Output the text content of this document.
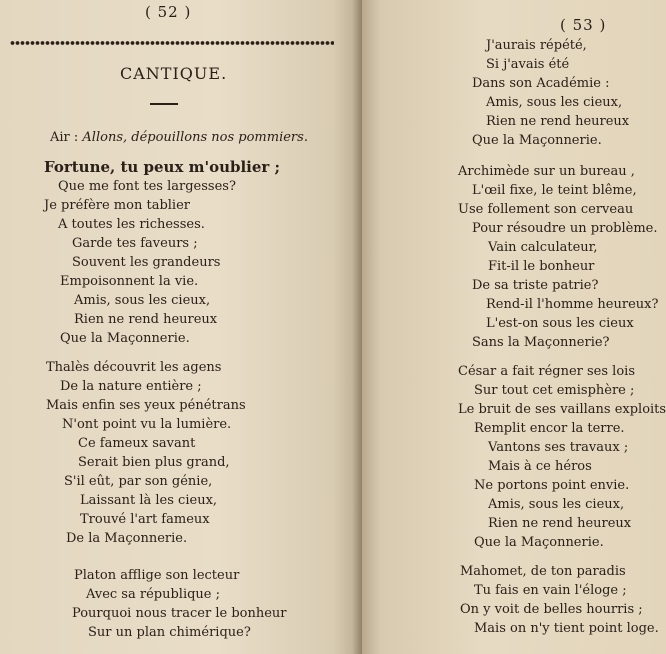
( 52 )
CANTIQUE.
Air : Allons, dépouillons nos pommiers.
Fortune, tu peux m'oublier ;
Que me font tes largesses?
Je préfère mon tablier
A toutes les richesses.
Garde tes faveurs ;
Souvent les grandeurs
Empoisonnent la vie.
Amis, sous les cieux,
Rien ne rend heureux
Que la Maçonnerie.
Thalès découvrit les agens
De la nature entière ;
Mais enfin ses yeux pénétrans
N'ont point vu la lumière.
Ce fameux savant
Serait bien plus grand,
S'il eût, par son génie,
Laissant là les cieux,
Trouvé l'art fameux
De la Maçonnerie.
Platon afflige son lecteur
Avec sa république ;
Pourquoi nous tracer le bonheur
Sur un plan chimérique?
( 53 )
J'aurais répété,
Si j'avais été
Dans son Académie :
Amis, sous les cieux,
Rien ne rend heureux
Que la Maçonnerie.
Archimède sur un bureau ,
L'œil fixe, le teint blême,
Use follement son cerveau
Pour résoudre un problème.
Vain calculateur,
Fit-il le bonheur
De sa triste patrie?
Rend-il l'homme heureux?
L'est-on sous les cieux
Sans la Maçonnerie?
César a fait régner ses lois
Sur tout cet emisphère ;
Le bruit de ses vaillans exploits
Remplit encor la terre.
Vantons ses travaux ;
Mais à ce héros
Ne portons point envie.
Amis, sous les cieux,
Rien ne rend heureux
Que la Maçonnerie.
Mahomet, de ton paradis
Tu fais en vain l'éloge ;
On y voit de belles hourris ;
Mais on n'y tient point loge.
